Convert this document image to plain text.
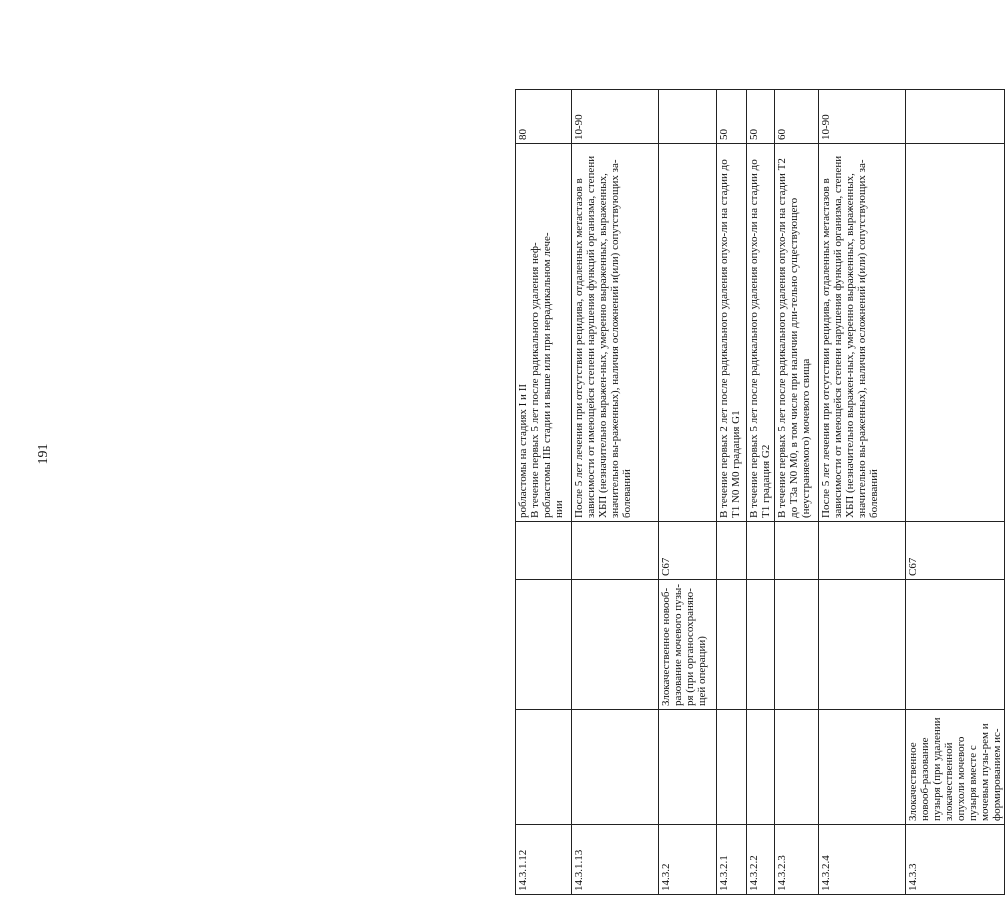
191
14.3.1.12				роблaстомы на стадиях I и II
В течение первых 5 лет после радикального удаления неф-
робластомы IIБ стадии и выше или при нерадикальном лече-
нии	80
14.3.1.13				После 5 лет лечения при отсутствии рецидива, отдаленных метастазов в зависимости от имеющейся степени нарушения функций организма, степени ХБП (незначительно выражен-ных, умеренно выраженных, выраженных, значительно вы-раженных), наличия осложнений и(или) сопутствующих за-болеваний	10-90
14.3.2		Злокачественное новооб-разование мочевого пузы-ря (при органосохраняю-щей операции)	C67		
14.3.2.1				В течение первых 2 лет после радикального удаления опухо-ли на стадии до T1 N0 M0 градация G1	50
14.3.2.2				В течение первых 5 лет после радикального удаления опухо-ли на стадии до T1 градация G2	50
14.3.2.3				В течение первых 5 лет после радикального удаления опухо-ли на стадии T2 до T3a N0 M0, в том числе при наличии дли-тельно существующего (неустраняемого) мочевого свища	60
14.3.2.4				После 5 лет лечения при отсутствии рецидива, отдаленных метастазов в зависимости от имеющейся степени нарушения функций организма, степени ХБП (незначительно выражен-ных, умеренно выраженных, выраженных, значительно вы-раженных), наличия осложнений и(или) сопутствующих за-болеваний	10-90
14.3.3	Злокачественное новооб-разование пузыря (при удалении злокачественной опухоли мочевого пузыря вместе с мочевым пузы-рем и формированием ис-		C67		
